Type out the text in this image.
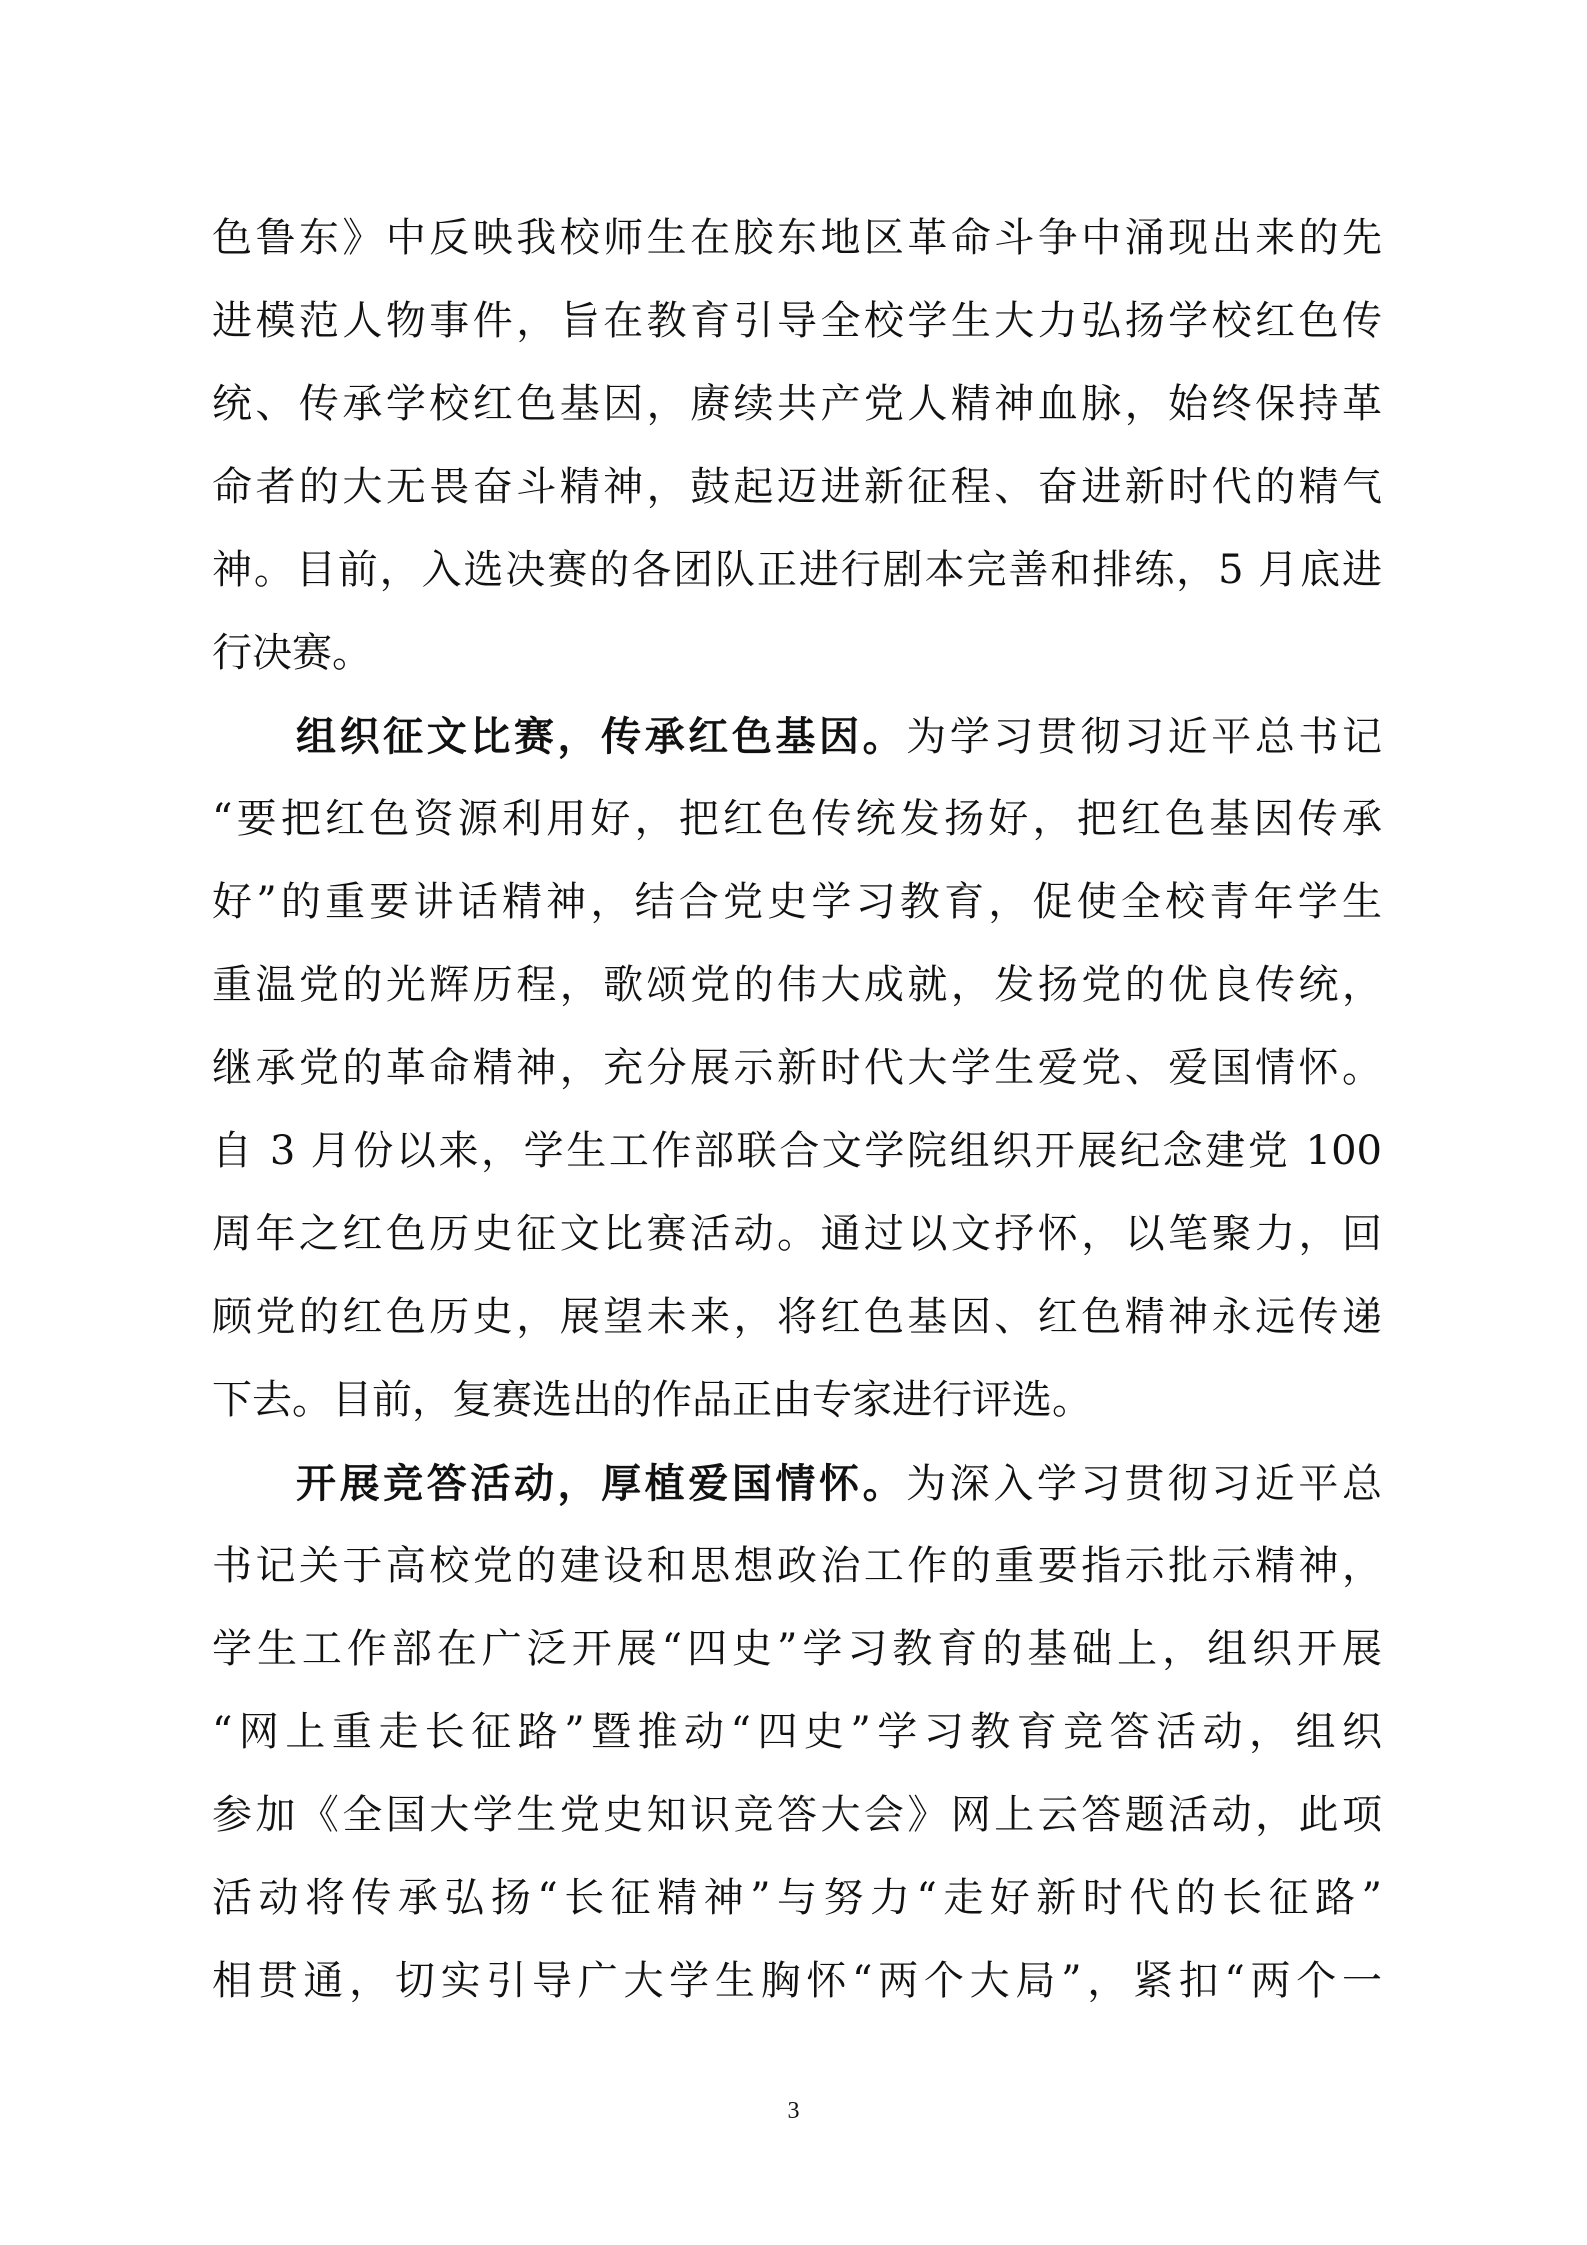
色鲁东》中反映我校师生在胶东地区革命斗争中涌现出来的先
进模范人物事件，旨在教育引导全校学生大力弘扬学校红色传
统、传承学校红色基因，赓续共产党人精神血脉，始终保持革
命者的大无畏奋斗精神，鼓起迈进新征程、奋进新时代的精气
神。目前，入选决赛的各团队正进行剧本完善和排练，5 月底进
行决赛。
组织征文比赛，传承红色基因。为学习贯彻习近平总书记
“要把红色资源利用好，把红色传统发扬好，把红色基因传承
好”的重要讲话精神，结合党史学习教育，促使全校青年学生
重温党的光辉历程，歌颂党的伟大成就，发扬党的优良传统，
继承党的革命精神，充分展示新时代大学生爱党、爱国情怀。
自 3 月份以来，学生工作部联合文学院组织开展纪念建党 100
周年之红色历史征文比赛活动。通过以文抒怀，以笔聚力，回
顾党的红色历史，展望未来，将红色基因、红色精神永远传递
下去。目前，复赛选出的作品正由专家进行评选。
开展竞答活动，厚植爱国情怀。为深入学习贯彻习近平总
书记关于高校党的建设和思想政治工作的重要指示批示精神，
学生工作部在广泛开展“四史”学习教育的基础上，组织开展
“网上重走长征路”暨推动“四史”学习教育竞答活动，组织
参加《全国大学生党史知识竞答大会》网上云答题活动，此项
活动将传承弘扬“长征精神”与努力“走好新时代的长征路”
相贯通，切实引导广大学生胸怀“两个大局”，紧扣“两个一
3
